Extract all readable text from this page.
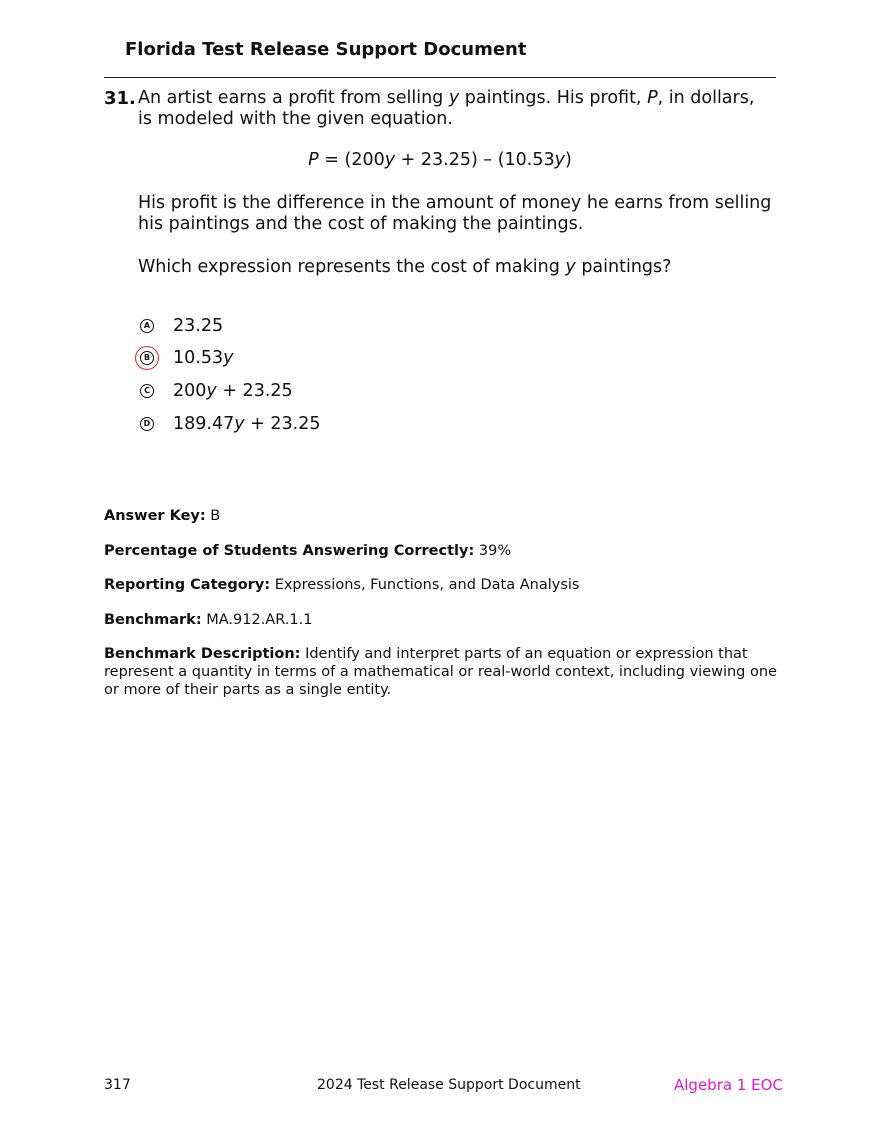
Florida Test Release Support Document
31. An artist earns a profit from selling y paintings. His profit, P, in dollars,
is modeled with the given equation.
P = (200y + 23.25) – (10.53y)
His profit is the difference in the amount of money he earns from selling
his paintings and the cost of making the paintings.
Which expression represents the cost of making y paintings?
A 23.25
B 10.53y
C 200y + 23.25
D 189.47y + 23.25
Answer Key: B
Percentage of Students Answering Correctly: 39%
Reporting Category: Expressions, Functions, and Data Analysis
Benchmark: MA.912.AR.1.1
Benchmark Description: Identify and interpret parts of an equation or expression that
represent a quantity in terms of a mathematical or real-world context, including viewing one
or more of their parts as a single entity.
317	2024 Test Release Support Document	Algebra 1 EOC
